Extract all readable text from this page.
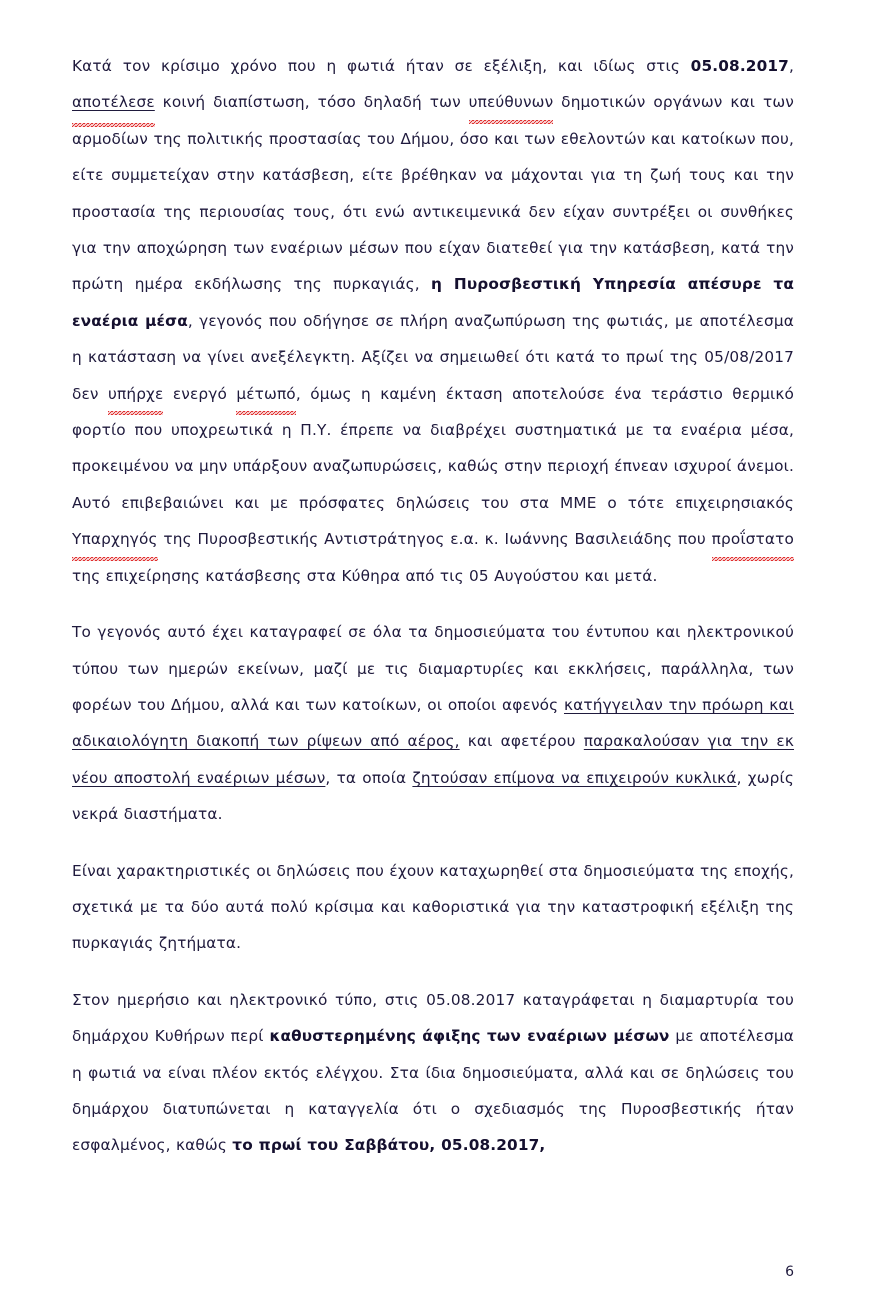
Κατά τον κρίσιμο χρόνο που η φωτιά ήταν σε εξέλιξη, και ιδίως στις 05.08.2017, αποτέλεσε κοινή διαπίστωση, τόσο δηλαδή των υπεύθυνων δημοτικών οργάνων και των αρμοδίων της πολιτικής προστασίας του Δήμου, όσο και των εθελοντών και κατοίκων που, είτε συμμετείχαν στην κατάσβεση, είτε βρέθηκαν να μάχονται για τη ζωή τους και την προστασία της περιουσίας τους, ότι ενώ αντικειμενικά δεν είχαν συντρέξει οι συνθήκες για την αποχώρηση των εναέριων μέσων που είχαν διατεθεί για την κατάσβεση, κατά την πρώτη ημέρα εκδήλωσης της πυρκαγιάς, η Πυροσβεστική Υπηρεσία απέσυρε τα εναέρια μέσα, γεγονός που οδήγησε σε πλήρη αναζωπύρωση της φωτιάς, με αποτέλεσμα η κατάσταση να γίνει ανεξέλεγκτη. Αξίζει να σημειωθεί ότι κατά το πρωί της 05/08/2017 δεν υπήρχε ενεργό μέτωπό, όμως η καμένη έκταση αποτελούσε ένα τεράστιο θερμικό φορτίο που υποχρεωτικά η Π.Υ. έπρεπε να διαβρέχει συστηματικά με τα εναέρια μέσα, προκειμένου να μην υπάρξουν αναζωπυρώσεις, καθώς στην περιοχή έπνεαν ισχυροί άνεμοι. Αυτό επιβεβαιώνει και με πρόσφατες δηλώσεις του στα ΜΜΕ ο τότε επιχειρησιακός Υπαρχηγός της Πυροσβεστικής Αντιστράτηγος ε.α. κ. Ιωάννης Βασιλειάδης που προΐστατο της επιχείρησης κατάσβεσης στα Κύθηρα από τις 05 Αυγούστου και μετά.

Το γεγονός αυτό έχει καταγραφεί σε όλα τα δημοσιεύματα του έντυπου και ηλεκτρονικού τύπου των ημερών εκείνων, μαζί με τις διαμαρτυρίες και εκκλήσεις, παράλληλα, των φορέων του Δήμου, αλλά και των κατοίκων, οι οποίοι αφενός κατήγγειλαν την πρόωρη και αδικαιολόγητη διακοπή των ρίψεων από αέρος, και αφετέρου παρακαλούσαν για την εκ νέου αποστολή εναέριων μέσων, τα οποία ζητούσαν επίμονα να επιχειρούν κυκλικά, χωρίς νεκρά διαστήματα.

Είναι χαρακτηριστικές οι δηλώσεις που έχουν καταχωρηθεί στα δημοσιεύματα της εποχής, σχετικά με τα δύο αυτά πολύ κρίσιμα και καθοριστικά για την καταστροφική εξέλιξη της πυρκαγιάς ζητήματα.

Στον ημερήσιο και ηλεκτρονικό τύπο, στις 05.08.2017 καταγράφεται η διαμαρτυρία του δημάρχου Κυθήρων περί καθυστερημένης άφιξης των εναέριων μέσων με αποτέλεσμα η φωτιά να είναι πλέον εκτός ελέγχου. Στα ίδια δημοσιεύματα, αλλά και σε δηλώσεις του δημάρχου διατυπώνεται η καταγγελία ότι ο σχεδιασμός της Πυροσβεστικής ήταν εσφαλμένος, καθώς το πρωί του Σαββάτου, 05.08.2017,

6
